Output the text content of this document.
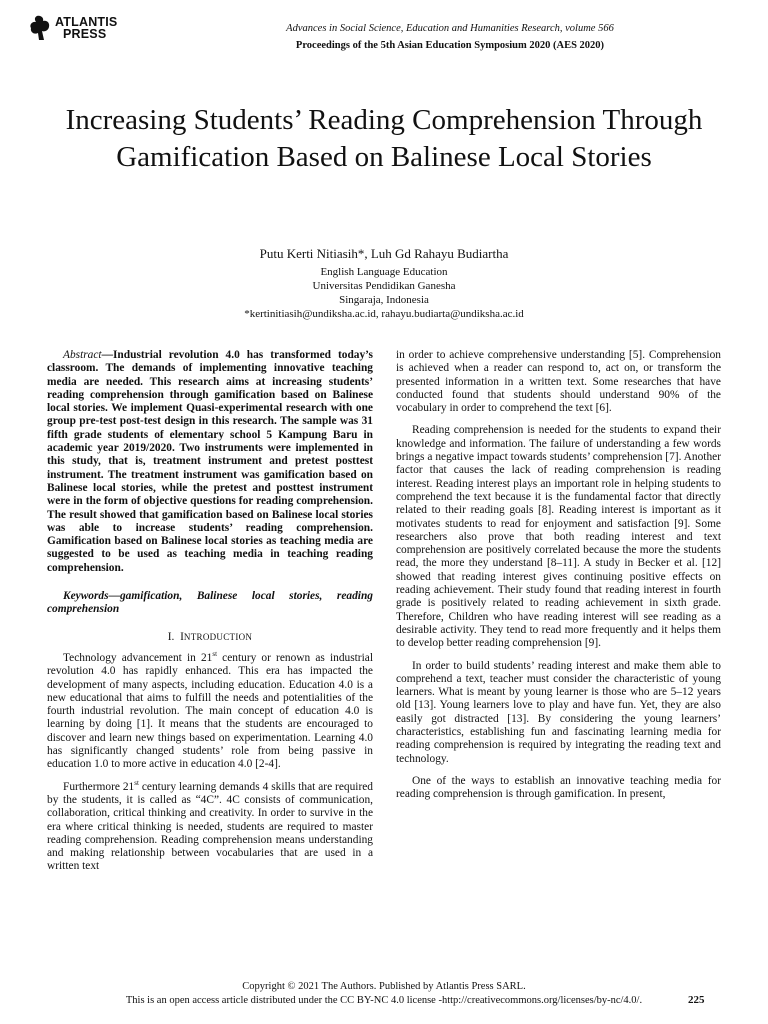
ATLANTIS
PRESS	Advances in Social Science, Education and Humanities Research, volume 566
Proceedings of the 5th Asian Education Symposium 2020 (AES 2020)
Increasing Students’ Reading Comprehension Through Gamification Based on Balinese Local Stories
Putu Kerti Nitiasih*, Luh Gd Rahayu Budiartha
English Language Education
Universitas Pendidikan Ganesha
Singaraja, Indonesia
*kertinitiasih@undiksha.ac.id, rahayu.budiarta@undiksha.ac.id

Abstract—Industrial revolution 4.0 has transformed today’s classroom. The demands of implementing innovative teaching media are needed. This research aims at increasing students’ reading comprehension through gamification based on Balinese local stories. We implement Quasi-experimental research with one group pre-test post-test design in this research. The sample was 31 fifth grade students of elementary school 5 Kampung Baru in academic year 2019/2020. Two instruments were implemented in this study, that is, treatment instrument and pretest posttest instrument. The treatment instrument was gamification based on Balinese local stories, while the pretest and posttest instrument were in the form of objective questions for reading comprehension. The result showed that gamification based on Balinese local stories was able to increase students’ reading comprehension. Gamification based on Balinese local stories as teaching media are suggested to be used as teaching media in teaching reading comprehension.

Keywords—gamification, Balinese local stories, reading comprehension

I. INTRODUCTION

Technology advancement in 21st century or renown as industrial revolution 4.0 has rapidly enhanced. This era has impacted the development of many aspects, including education. Education 4.0 is a new educational that aims to fulfill the needs and potentialities of the fourth industrial revolution. The main concept of education 4.0 is learning by doing [1]. It means that the students are encouraged to discover and learn new things based on experimentation. Learning 4.0 has significantly changed students’ role from being passive in education 1.0 to more active in education 4.0 [2-4].

Furthermore 21st century learning demands 4 skills that are required by the students, it is called as “4C”. 4C consists of communication, collaboration, critical thinking and creativity. In order to survive in the era where critical thinking is needed, students are required to master reading comprehension. Reading comprehension means understanding and making relationship between vocabularies that are used in a written text

in order to achieve comprehensive understanding [5]. Comprehension is achieved when a reader can respond to, act on, or transform the presented information in a written text. Some researches that have conducted found that students should understand 90% of the vocabulary in order to comprehend the text [6].

Reading comprehension is needed for the students to expand their knowledge and information. The failure of understanding a few words brings a negative impact towards students’ comprehension [7]. Another factor that causes the lack of reading comprehension is reading interest. Reading interest plays an important role in helping students to comprehend the text because it is the fundamental factor that directly related to their reading goals [8]. Reading interest is important as it motivates students to read for enjoyment and satisfaction [9]. Some researchers also prove that both reading interest and text comprehension are positively correlated because the more the students read, the more they understand [8–11]. A study in Becker et al. [12] showed that reading interest gives continuing positive effects on reading achievement. Their study found that reading interest in fourth grade is positively related to reading achievement in sixth grade. Therefore, Children who have reading interest will see reading as a desirable activity. They tend to read more frequently and it helps them to develop better reading comprehension [9].

In order to build students’ reading interest and make them able to comprehend a text, teacher must consider the characteristic of young learners. What is meant by young learner is those who are 5–12 years old [13]. Young learners love to play and have fun. Yet, they are also easily got distracted [13]. By considering the young learners’ characteristics, establishing fun and fascinating learning media for reading comprehension is required by integrating the reading text and technology.

One of the ways to establish an innovative teaching media for reading comprehension is through gamification. In present,

Copyright © 2021 The Authors. Published by Atlantis Press SARL.
This is an open access article distributed under the CC BY-NC 4.0 license -http://creativecommons.org/licenses/by-nc/4.0/.	225
